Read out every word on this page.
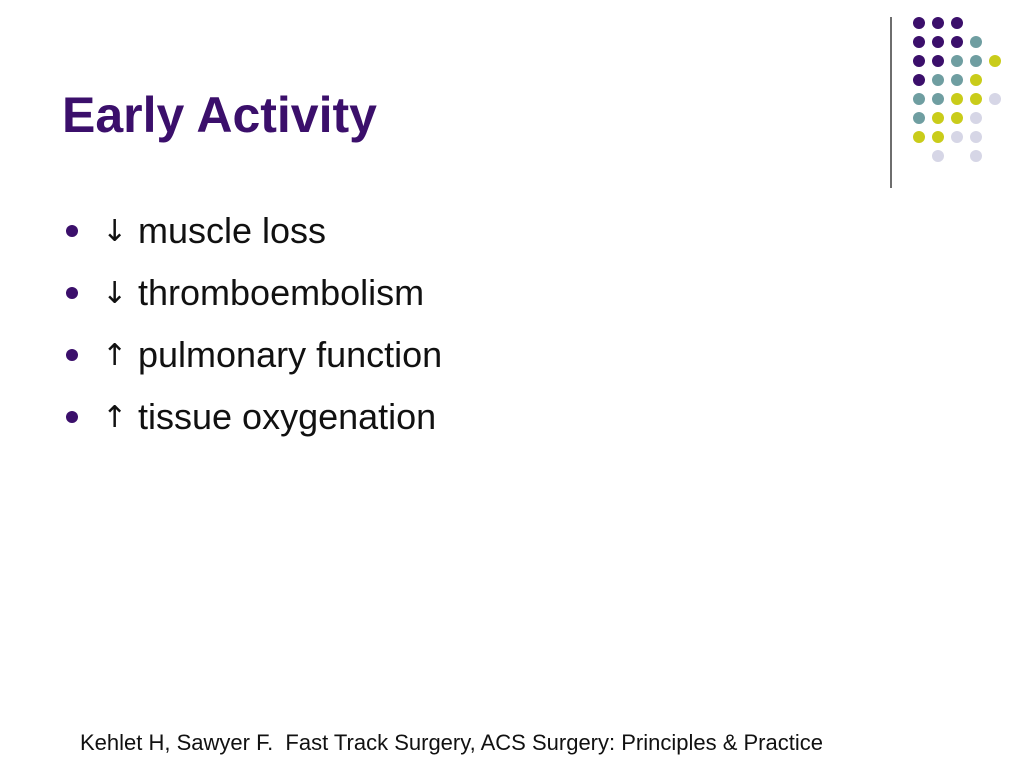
Early Activity
↓ muscle loss
↓ thromboembolism
↑ pulmonary function
↑ tissue oxygenation
Kehlet H, Sawyer F.  Fast Track Surgery, ACS Surgery: Principles & Practice
